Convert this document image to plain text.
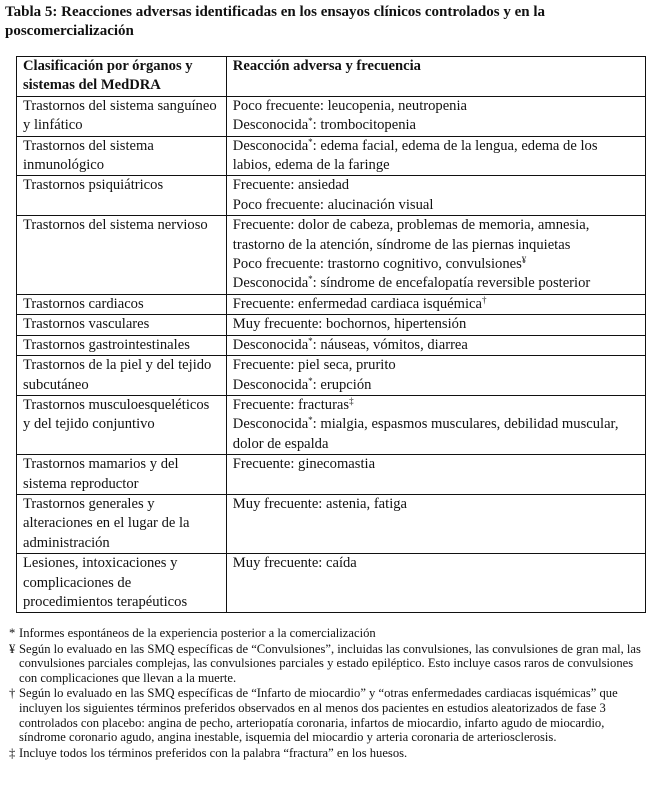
Tabla 5: Reacciones adversas identificadas en los ensayos clínicos controlados y en la poscomercialización
Clasificación por órganos y sistemas del MedDRA	Reacción adversa y frecuencia
Trastornos del sistema sanguíneo y linfático	Poco frecuente: leucopenia, neutropenia
Desconocida*: trombocitopenia

Trastornos del sistema inmunológico	Desconocida*: edema facial, edema de la lengua, edema de los labios, edema de la faringe

Trastornos psiquiátricos	Frecuente: ansiedad
Poco frecuente: alucinación visual

Trastornos del sistema nervioso	Frecuente: dolor de cabeza, problemas de memoria, amnesia, trastorno de la atención, síndrome de las piernas inquietas
Poco frecuente: trastorno cognitivo, convulsiones¥
Desconocida*: síndrome de encefalopatía reversible posterior

Trastornos cardiacos	Frecuente: enfermedad cardiaca isquémica†

Trastornos vasculares	Muy frecuente: bochornos, hipertensión

Trastornos gastrointestinales	Desconocida*: náuseas, vómitos, diarrea

Trastornos de la piel y del tejido subcutáneo	Frecuente: piel seca, prurito
Desconocida*: erupción

Trastornos musculoesqueléticos y del tejido conjuntivo	Frecuente: fracturas‡
Desconocida*: mialgia, espasmos musculares, debilidad muscular, dolor de espalda

Trastornos mamarios y del sistema reproductor	Frecuente: ginecomastia

Trastornos generales y alteraciones en el lugar de la administración	Muy frecuente: astenia, fatiga

Lesiones, intoxicaciones y complicaciones de procedimientos terapéuticos	Muy frecuente: caída
* Informes espontáneos de la experiencia posterior a la comercialización
¥ Según lo evaluado en las SMQ específicas de “Convulsiones”, incluidas las convulsiones, las convulsiones de gran mal, las convulsiones parciales complejas, las convulsiones parciales y estado epiléptico. Esto incluye casos raros de convulsiones con complicaciones que llevan a la muerte.
† Según lo evaluado en las SMQ específicas de “Infarto de miocardio” y “otras enfermedades cardiacas isquémicas” que incluyen los siguientes términos preferidos observados en al menos dos pacientes en estudios aleatorizados de fase 3 controlados con placebo: angina de pecho, arteriopatía coronaria, infartos de miocardio, infarto agudo de miocardio, síndrome coronario agudo, angina inestable, isquemia del miocardio y arteria coronaria de arteriosclerosis.
‡ Incluye todos los términos preferidos con la palabra “fractura” en los huesos.
